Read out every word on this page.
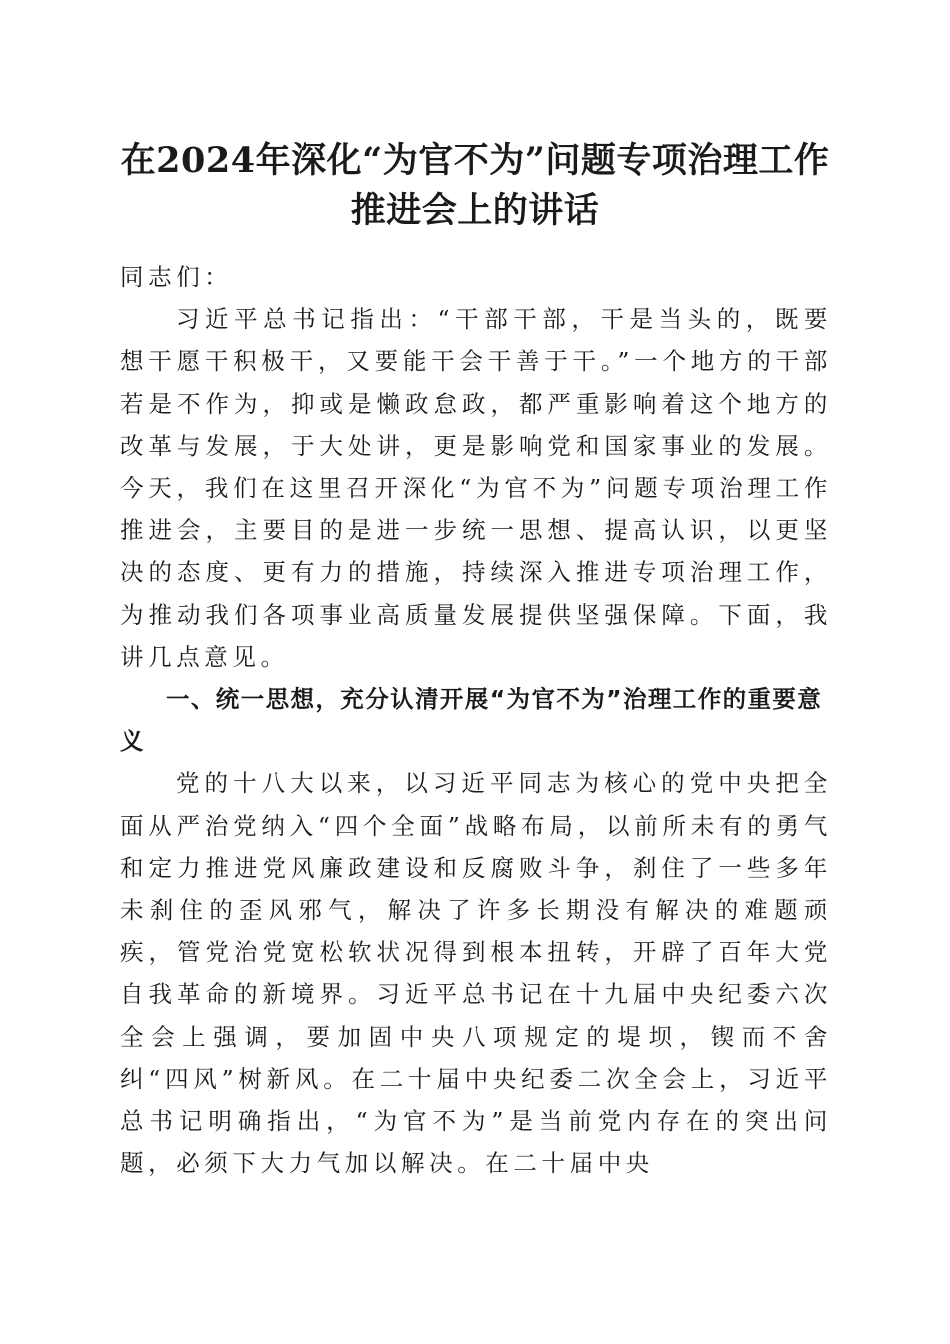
在2024年深化“为官不为”问题专项治理工作推进会上的讲话

同志们：

习近平总书记指出：“干部干部，干是当头的，既要想干愿干积极干，又要能干会干善于干。”一个地方的干部若是不作为，抑或是懒政怠政，都严重影响着这个地方的改革与发展，于大处讲，更是影响党和国家事业的发展。今天，我们在这里召开深化“为官不为”问题专项治理工作推进会，主要目的是进一步统一思想、提高认识，以更坚决的态度、更有力的措施，持续深入推进专项治理工作，为推动我们各项事业高质量发展提供坚强保障。下面，我讲几点意见。

一、统一思想，充分认清开展“为官不为”治理工作的重要意义

党的十八大以来，以习近平同志为核心的党中央把全面从严治党纳入“四个全面”战略布局，以前所未有的勇气和定力推进党风廉政建设和反腐败斗争，刹住了一些多年未刹住的歪风邪气，解决了许多长期没有解决的难题顽疾，管党治党宽松软状况得到根本扭转，开辟了百年大党自我革命的新境界。习近平总书记在十九届中央纪委六次全会上强调，要加固中央八项规定的堤坝，锲而不舍纠“四风”树新风。在二十届中央纪委二次全会上，习近平总书记明确指出，“为官不为”是当前党内存在的突出问题，必须下大力气加以解决。在二十届中央
